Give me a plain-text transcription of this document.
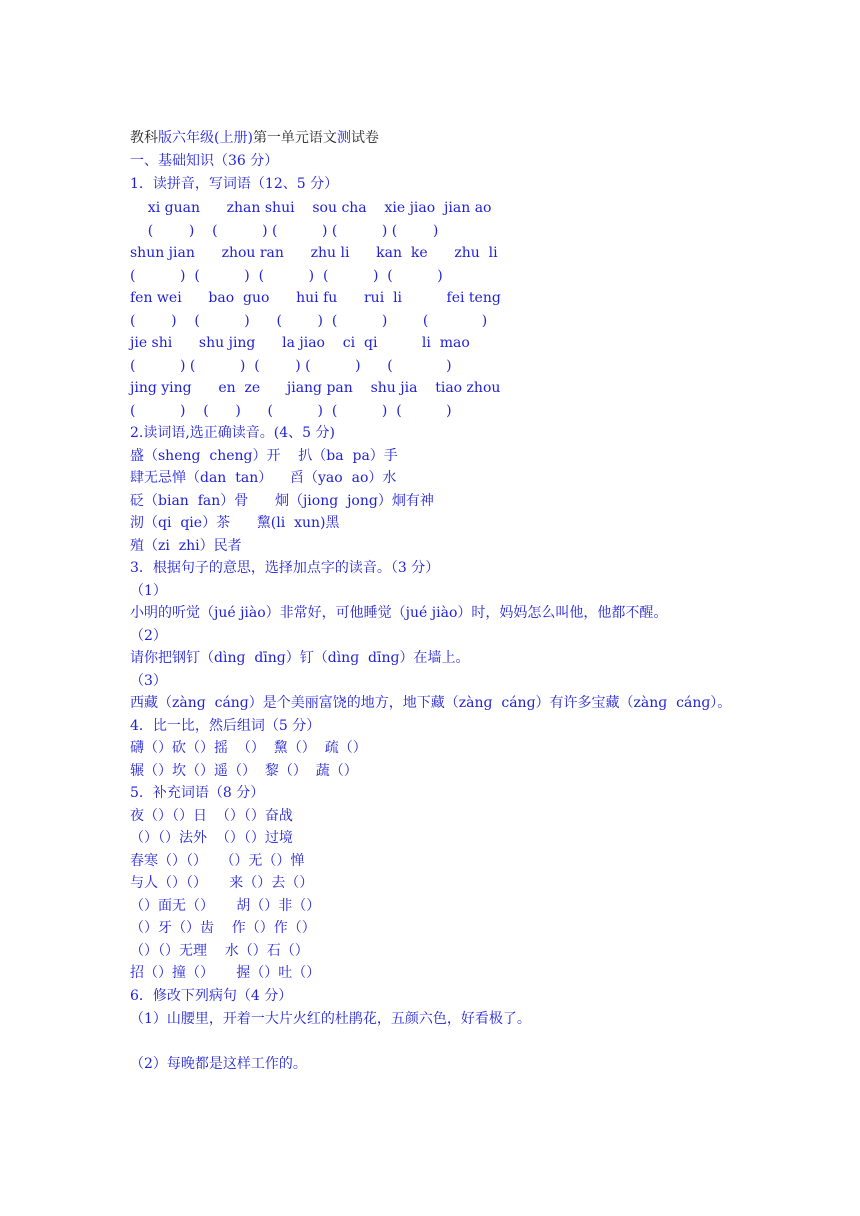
教科版六年级(上册)第一单元语文测试卷
一、基础知识（36 分）
1．读拼音，写词语（12、5 分）
xi guan      zhan shui    sou cha    xie jiao  jian ao
(        )    (          ) (          ) (          ) (        )
shun jian      zhou ran      zhu li      kan  ke      zhu  li
(          )  (          )  (          )  (          )  (          )
fen wei      bao  guo      hui fu      rui  li          fei teng
(        )    (          )      (        )  (          )        (            )
jie shi      shu jing      la jiao    ci  qi          li  mao
(          ) (          )  (        ) (          )      (            )
jing ying      en  ze      jiang pan    shu jia    tiao zhou
(          )    (      )      (          )  (          )  (          )
2.读词语,选正确读音。(4、5 分)
盛（sheng  cheng）开    扒（ba  pa）手
肆无忌惮（dan  tan）    舀（yao  ao）水
砭（bian  fan）骨      炯（jiong  jong）炯有神
沏（qi  qie）茶      黧(li  xun)黑
殖（zi  zhi）民者
3．根据句子的意思，选择加点字的读音。（3 分）
（1）
小明的听觉（jué jiào）非常好，可他睡觉（jué jiào）时，妈妈怎么叫他，他都不醒。
（2）
请你把钢钉（dìnɡ  dīnɡ）钉（dìnɡ  dīnɡ）在墙上。
（3）
西藏（zànɡ  cánɡ）是个美丽富饶的地方，地下藏（zànɡ  cánɡ）有许多宝藏（zànɡ  cánɡ）。
4．比一比，然后组词（5 分）
礴（）砍（）摇  （）  黧（）  疏（）
辗（）坎（）遥（）  黎（）  蔬（）
5．补充词语（8 分）
夜（）（）日  （）（）奋战
（）（）法外  （）（）过境
春寒（）（）   （）无（）惮
与人（）（）     来（）去（）
（）面无（）     胡（）非（）
（）牙（）齿    作（）作（）
（）（）无理    水（）石（）
招（）撞（）     握（）吐（）
6．修改下列病句（4 分）
（1）山腰里，开着一大片火红的杜鹃花，五颜六色，好看极了。
（2）每晚都是这样工作的。
